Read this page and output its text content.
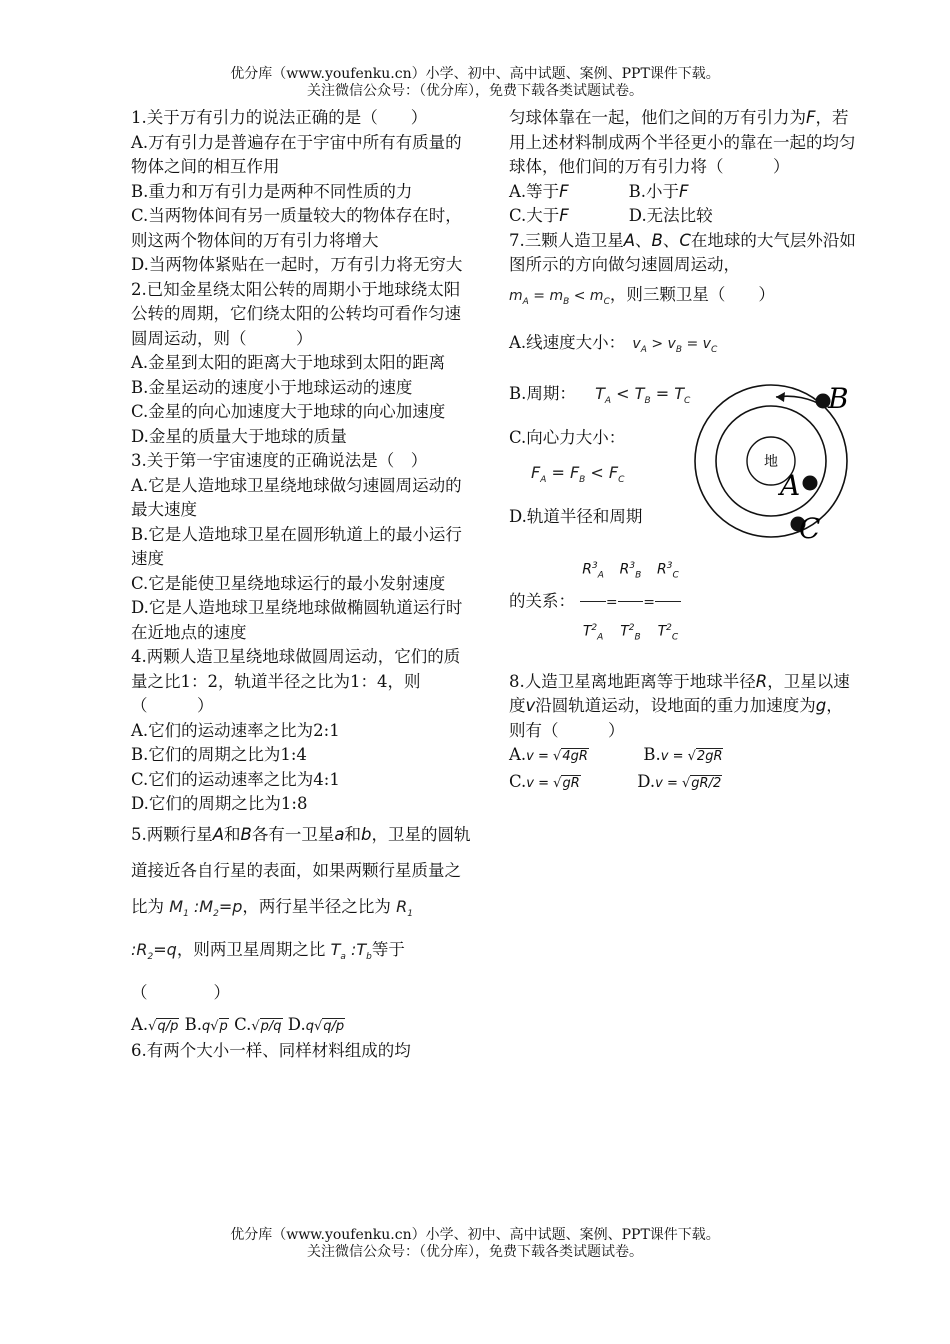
优分库（www.youfenku.cn）小学、初中、高中试题、案例、PPT课件下载。
关注微信公众号：（优分库），免费下载各类试题试卷。

1.关于万有引力的说法正确的是（　　）

A.万有引力是普遍存在于宇宙中所有有质量的物体之间的相互作用

B.重力和万有引力是两种不同性质的力

C.当两物体间有另一质量较大的物体存在时，则这两个物体间的万有引力将增大

D.当两物体紧贴在一起时，万有引力将无穷大

2.已知金星绕太阳公转的周期小于地球绕太阳公转的周期，它们绕太阳的公转均可看作匀速圆周运动，则（　　　）

A.金星到太阳的距离大于地球到太阳的距离

B.金星运动的速度小于地球运动的速度

C.金星的向心加速度大于地球的向心加速度

D.金星的质量大于地球的质量

3.关于第一宇宙速度的正确说法是（　）

A.它是人造地球卫星绕地球做匀速圆周运动的最大速度

B.它是人造地球卫星在圆形轨道上的最小运行速度

C.它是能使卫星绕地球运行的最小发射速度

D.它是人造地球卫星绕地球做椭圆轨道运行时在近地点的速度

4.两颗人造卫星绕地球做圆周运动，它们的质量之比1：2，轨道半径之比为1：4，则（　　　）

A.它们的运动速率之比为2:1

B.它们的周期之比为1:4

C.它们的运动速率之比为4:1

D.它们的周期之比为1:8

5.两颗行星A和B各有一卫星a和b，卫星的圆轨道接近各自行星的表面，如果两颗行星质量之比为 $M_1$ $:M_2=p$，两行星半径之比为 $R_1$ $:R_2=q$，则两卫星周期之比 $T_a$ $:T_b$等于（　　　　）

A.√q/p B.q√p C.√p/q D.q√q/p

6.有两个大小一样、同样材料组成的均

匀球体靠在一起，他们之间的万有引力为F，若用上述材料制成两个半径更小的靠在一起的均匀球体，他们间的万有引力将（　　　）

A.等于F	B.小于F

C.大于F	D.无法比较

7.三颗人造卫星A、B、C在地球的大气层外沿如图所示的方向做匀速圆周运动，

$m_A = m_B < m_C$，则三颗卫星（　　）

A.线速度大小： $v_A > v_B = v_C$

B.周期： $T_A < T_B = T_C$

C.向心力大小：

$F_A = F_B < F_C$

D.轨道半径和周期

的关系： $\frac{R^3_A}{T^2_A} = \frac{R^3_B}{T^2_B} = \frac{R^3_C}{T^2_C}$

8.人造卫星离地距离等于地球半径R，卫星以速度v沿圆轨道运动，设地面的重力加速度为g，则有（　　　）

A.v = √4gR	B.v = √2gR

C.v = √gR	D.v = √gR/2

地
B
A
C
优分库（www.youfenku.cn）小学、初中、高中试题、案例、PPT课件下载。
关注微信公众号：（优分库），免费下载各类试题试卷。
